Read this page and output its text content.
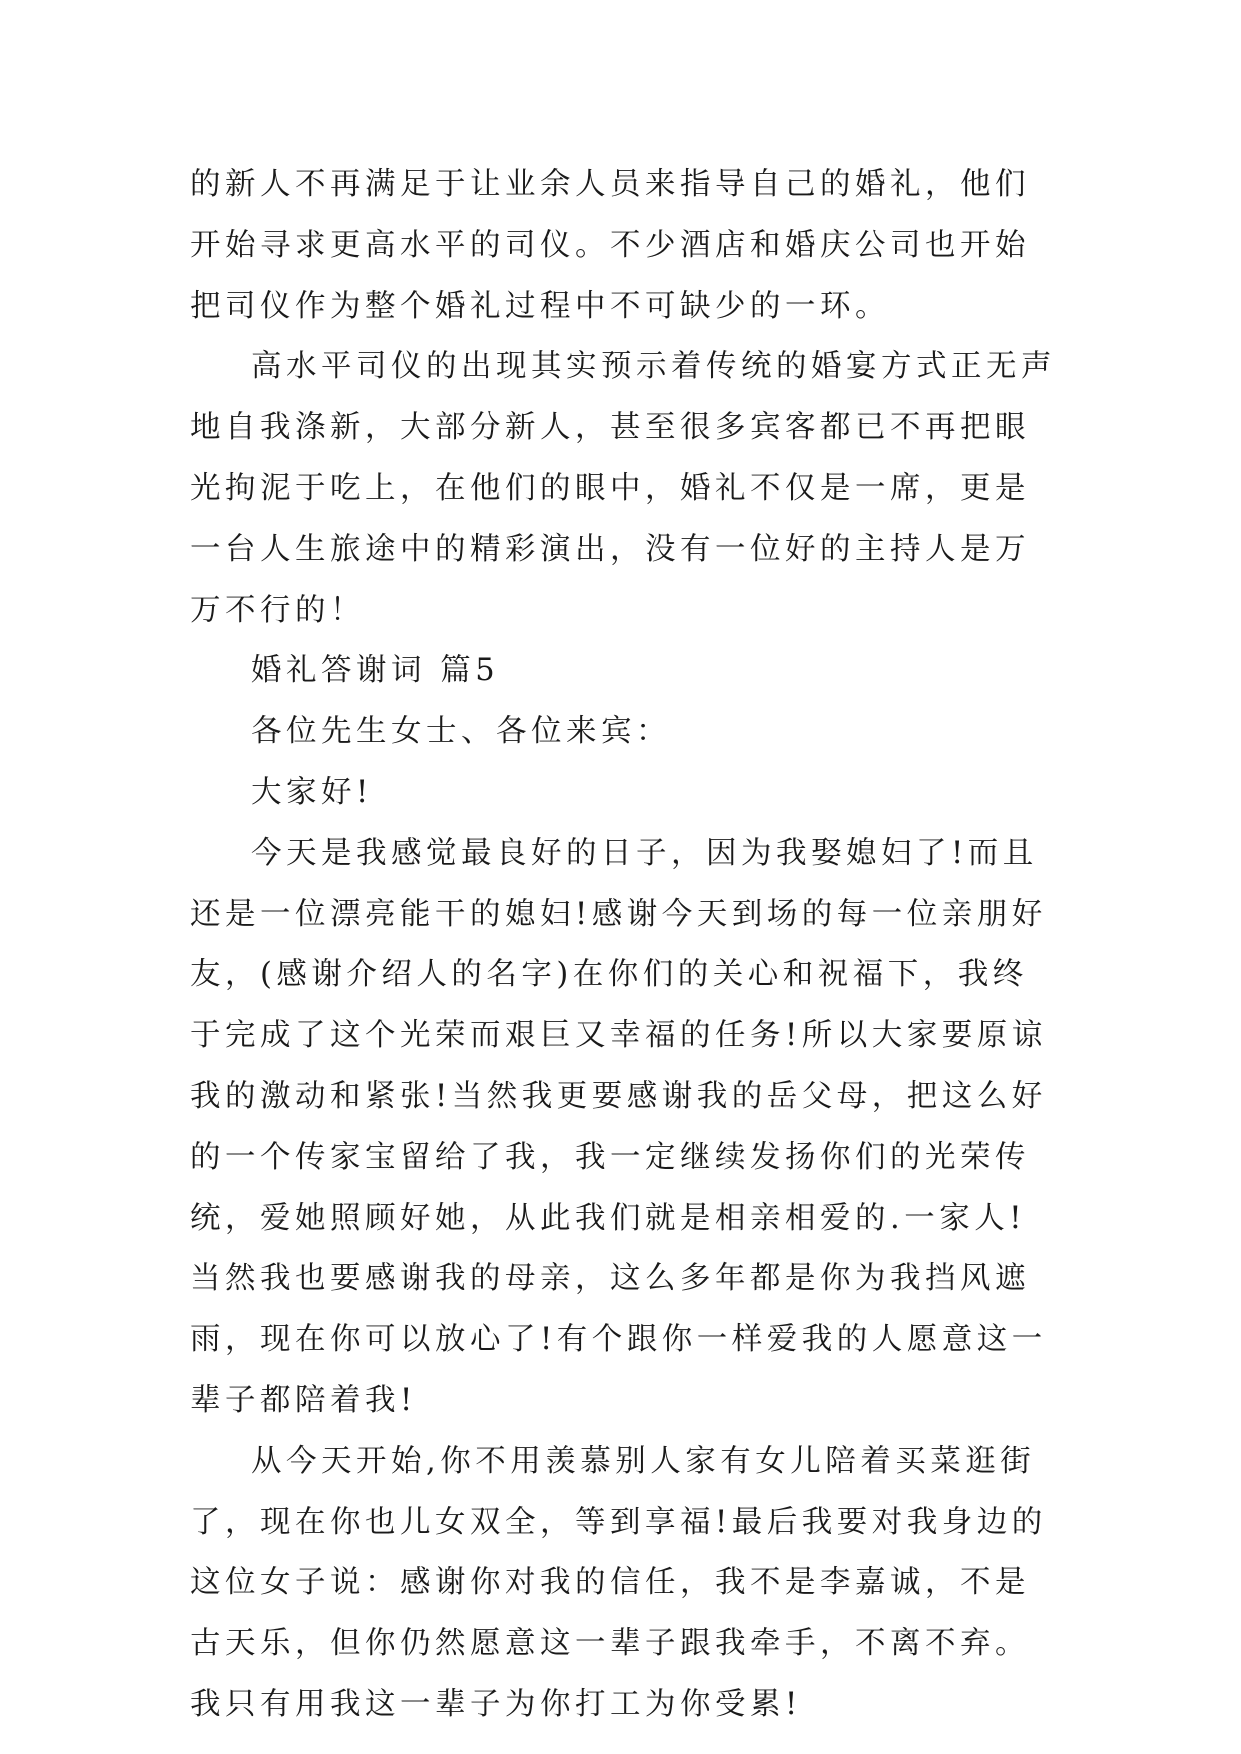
的新人不再满足于让业余人员来指导自己的婚礼，他们开始寻求更高水平的司仪。不少酒店和婚庆公司也开始把司仪作为整个婚礼过程中不可缺少的一环。

高水平司仪的出现其实预示着传统的婚宴方式正无声地自我涤新，大部分新人，甚至很多宾客都已不再把眼光拘泥于吃上，在他们的眼中，婚礼不仅是一席，更是一台人生旅途中的精彩演出，没有一位好的主持人是万万不行的！

婚礼答谢词 篇5

各位先生女士、各位来宾：

大家好!

今天是我感觉最良好的日子，因为我娶媳妇了!而且还是一位漂亮能干的媳妇!感谢今天到场的每一位亲朋好友，(感谢介绍人的名字)在你们的关心和祝福下，我终于完成了这个光荣而艰巨又幸福的任务!所以大家要原谅我的激动和紧张!当然我更要感谢我的岳父母，把这么好的一个传家宝留给了我，我一定继续发扬你们的光荣传统，爱她照顾好她，从此我们就是相亲相爱的.一家人!当然我也要感谢我的母亲，这么多年都是你为我挡风遮雨，现在你可以放心了!有个跟你一样爱我的人愿意这一辈子都陪着我!

从今天开始,你不用羡慕别人家有女儿陪着买菜逛街了，现在你也儿女双全，等到享福!最后我要对我身边的这位女子说：感谢你对我的信任，我不是李嘉诚，不是古天乐，但你仍然愿意这一辈子跟我牵手，不离不弃。我只有用我这一辈子为你打工为你受累!
